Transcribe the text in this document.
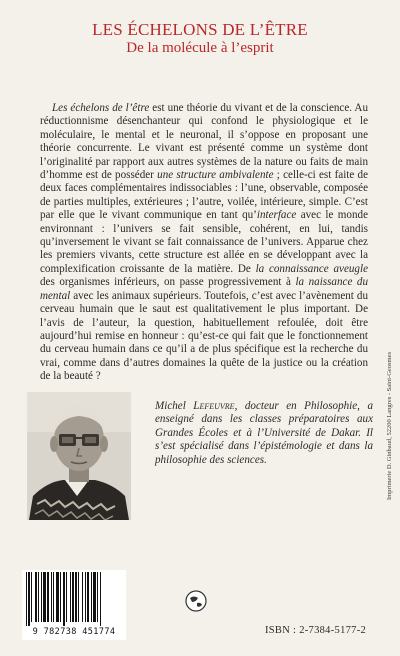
LES ÉCHELONS DE L’ÊTRE
De la molécule à l’esprit
Les échelons de l’être est une théorie du vivant et de la conscience. Au réductionnisme désenchanteur qui confond le physiologique et le moléculaire, le mental et le neuronal, il s’oppose en proposant une théorie concurrente. Le vivant est présenté comme un système dont l’originalité par rapport aux autres systèmes de la nature ou faits de main d’homme est de posséder une structure ambivalente ; celle-ci est faite de deux faces complémentaires indissociables : l’une, observable, composée de parties multiples, extérieures ; l’autre, voilée, intérieure, simple. C’est par elle que le vivant communique en tant qu’interface avec le monde environnant : l’univers se fait sensible, cohérent, en lui, tandis qu’inversement le vivant se fait connaissance de l’univers. Apparue chez les premiers vivants, cette structure est allée en se développant avec la complexification croissante de la matière. De la connaissance aveugle des organismes inférieurs, on passe progressivement à la naissance du mental avec les animaux supérieurs. Toutefois, c’est avec l’avènement du cerveau humain que le saut est qualitativement le plus important. De l’avis de l’auteur, la question, habituellement refoulée, doit être aujourd’hui remise en honneur : qu’est-ce qui fait que le fonctionnement du cerveau humain dans ce qu’il a de plus spécifique est la recherche du vrai, comme dans d’autres domaines la quête de la justice ou la création de la beauté ?
Michel Lefeuvre, docteur en Philosophie, a enseigné dans les classes préparatoires aux Grandes Écoles et à l’Université de Dakar. Il s’est spécialisé dans l’épistémologie et dans la philosophie des sciences.	Imprimerie D. Ginbaud, 52200 Langres - Saint-Geosmes
9 782738 451774	ISBN : 2-7384-5177-2
